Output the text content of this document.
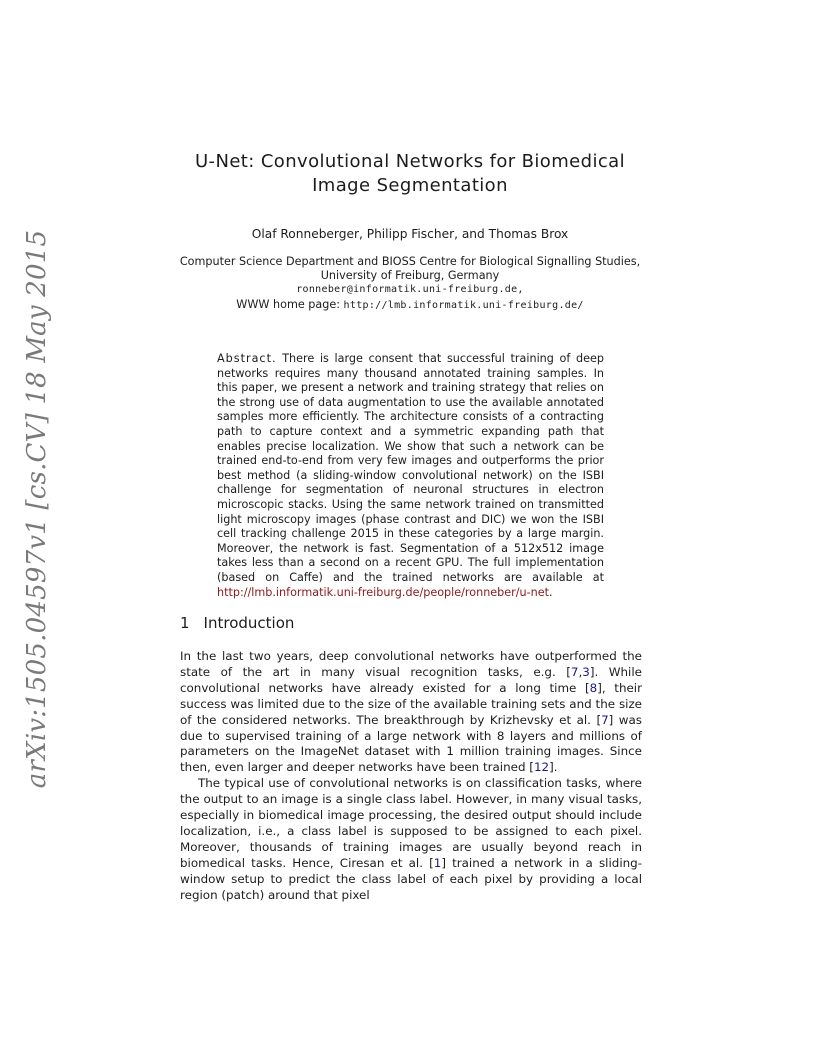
arXiv:1505.04597v1 [cs.CV] 18 May 2015
U-Net: Convolutional Networks for Biomedical
Image Segmentation

Olaf Ronneberger, Philipp Fischer, and Thomas Brox

Computer Science Department and BIOSS Centre for Biological Signalling Studies,
University of Freiburg, Germany
ronneber@informatik.uni-freiburg.de,
WWW home page: http://lmb.informatik.uni-freiburg.de/

Abstract. There is large consent that successful training of deep networks requires many thousand annotated training samples. In this paper, we present a network and training strategy that relies on the strong use of data augmentation to use the available annotated samples more efficiently. The architecture consists of a contracting path to capture context and a symmetric expanding path that enables precise localization. We show that such a network can be trained end-to-end from very few images and outperforms the prior best method (a sliding-window convolutional network) on the ISBI challenge for segmentation of neuronal structures in electron microscopic stacks. Using the same network trained on transmitted light microscopy images (phase contrast and DIC) we won the ISBI cell tracking challenge 2015 in these categories by a large margin. Moreover, the network is fast. Segmentation of a 512x512 image takes less than a second on a recent GPU. The full implementation (based on Caffe) and the trained networks are available at http://lmb.informatik.uni-freiburg.de/people/ronneber/u-net.

1 Introduction

In the last two years, deep convolutional networks have outperformed the state of the art in many visual recognition tasks, e.g. [7,3]. While convolutional networks have already existed for a long time [8], their success was limited due to the size of the available training sets and the size of the considered networks. The breakthrough by Krizhevsky et al. [7] was due to supervised training of a large network with 8 layers and millions of parameters on the ImageNet dataset with 1 million training images. Since then, even larger and deeper networks have been trained [12].

The typical use of convolutional networks is on classification tasks, where the output to an image is a single class label. However, in many visual tasks, especially in biomedical image processing, the desired output should include localization, i.e., a class label is supposed to be assigned to each pixel. Moreover, thousands of training images are usually beyond reach in biomedical tasks. Hence, Ciresan et al. [1] trained a network in a sliding-window setup to predict the class label of each pixel by providing a local region (patch) around that pixel
